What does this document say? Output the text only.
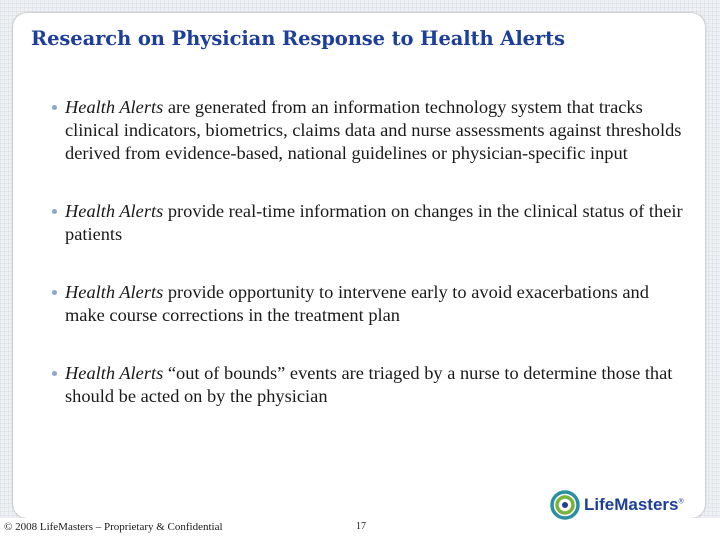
Research on Physician Response to Health Alerts
Health Alerts are generated from an information technology system that tracks clinical indicators, biometrics, claims data and nurse assessments against thresholds derived from evidence-based, national guidelines or physician-specific input
Health Alerts provide real-time information on changes in the clinical status of their patients
Health Alerts provide opportunity to intervene early to avoid exacerbations and make course corrections in the treatment plan
Health Alerts “out of bounds” events are triaged by a nurse to determine those that should be acted on by the physician
© 2008 LifeMasters – Proprietary & Confidential	17
LifeMasters®
